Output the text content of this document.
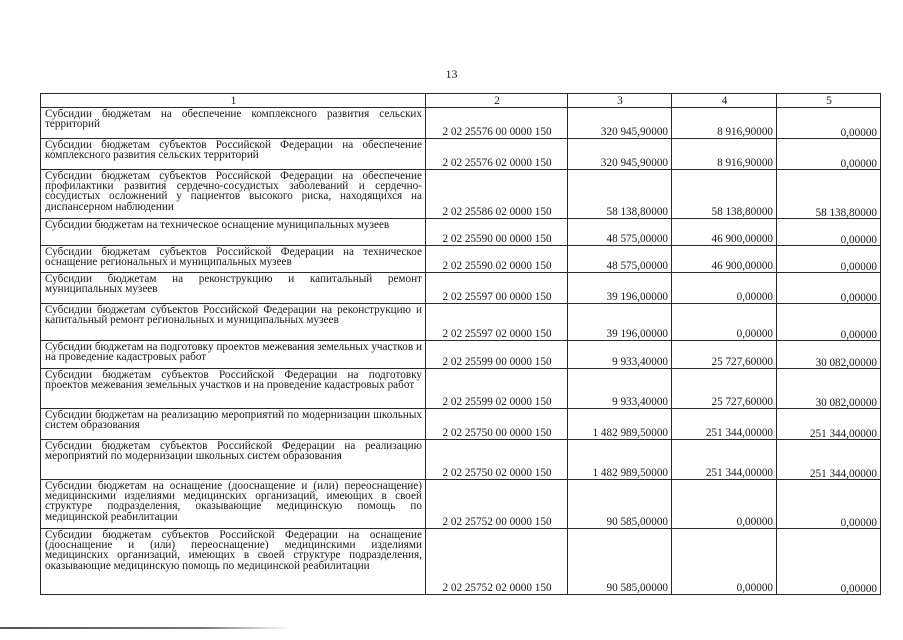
13
1	2	3	4	5
Субсидии бюджетам на обеспечение комплексного развития сельских территорий	2 02 25576 00 0000 150	320 945,90000	8 916,90000	0,00000
Субсидии бюджетам субъектов Российской Федерации на обеспечение комплексного развития сельских территорий	2 02 25576 02 0000 150	320 945,90000	8 916,90000	0,00000
Субсидии бюджетам субъектов Российской Федерации на обеспечение профилактики развития сердечно-сосудистых заболеваний и сердечно-сосудистых осложнений у пациентов высокого риска, находящихся на диспансерном наблюдении	2 02 25586 02 0000 150	58 138,80000	58 138,80000	58 138,80000
Субсидии бюджетам на техническое оснащение муниципальных музеев	2 02 25590 00 0000 150	48 575,00000	46 900,00000	0,00000
Субсидии бюджетам субъектов Российской Федерации на техническое оснащение региональных и муниципальных музеев	2 02 25590 02 0000 150	48 575,00000	46 900,00000	0,00000
Субсидии бюджетам на реконструкцию и капитальный ремонт муниципальных музеев	2 02 25597 00 0000 150	39 196,00000	0,00000	0,00000
Субсидии бюджетам субъектов Российской Федерации на реконструкцию и капитальный ремонт региональных и муниципальных музеев	2 02 25597 02 0000 150	39 196,00000	0,00000	0,00000
Субсидии бюджетам на подготовку проектов межевания земельных участков и на проведение кадастровых работ	2 02 25599 00 0000 150	9 933,40000	25 727,60000	30 082,00000
Субсидии бюджетам субъектов Российской Федерации на подготовку проектов межевания земельных участков и на проведение кадастровых работ	2 02 25599 02 0000 150	9 933,40000	25 727,60000	30 082,00000
Субсидии бюджетам на реализацию мероприятий по модернизации школьных систем образования	2 02 25750 00 0000 150	1 482 989,50000	251 344,00000	251 344,00000
Субсидии бюджетам субъектов Российской Федерации на реализацию мероприятий по модернизации школьных систем образования	2 02 25750 02 0000 150	1 482 989,50000	251 344,00000	251 344,00000
Субсидии бюджетам на оснащение (дооснащение и (или) переоснащение) медицинскими изделиями медицинских организаций, имеющих в своей структуре подразделения, оказывающие медицинскую помощь по медицинской реабилитации	2 02 25752 00 0000 150	90 585,00000	0,00000	0,00000
Субсидии бюджетам субъектов Российской Федерации на оснащение (дооснащение и (или) переоснащение) медицинскими изделиями медицинских организаций, имеющих в своей структуре подразделения, оказывающие медицинскую помощь по медицинской реабилитации	2 02 25752 02 0000 150	90 585,00000	0,00000	0,00000
